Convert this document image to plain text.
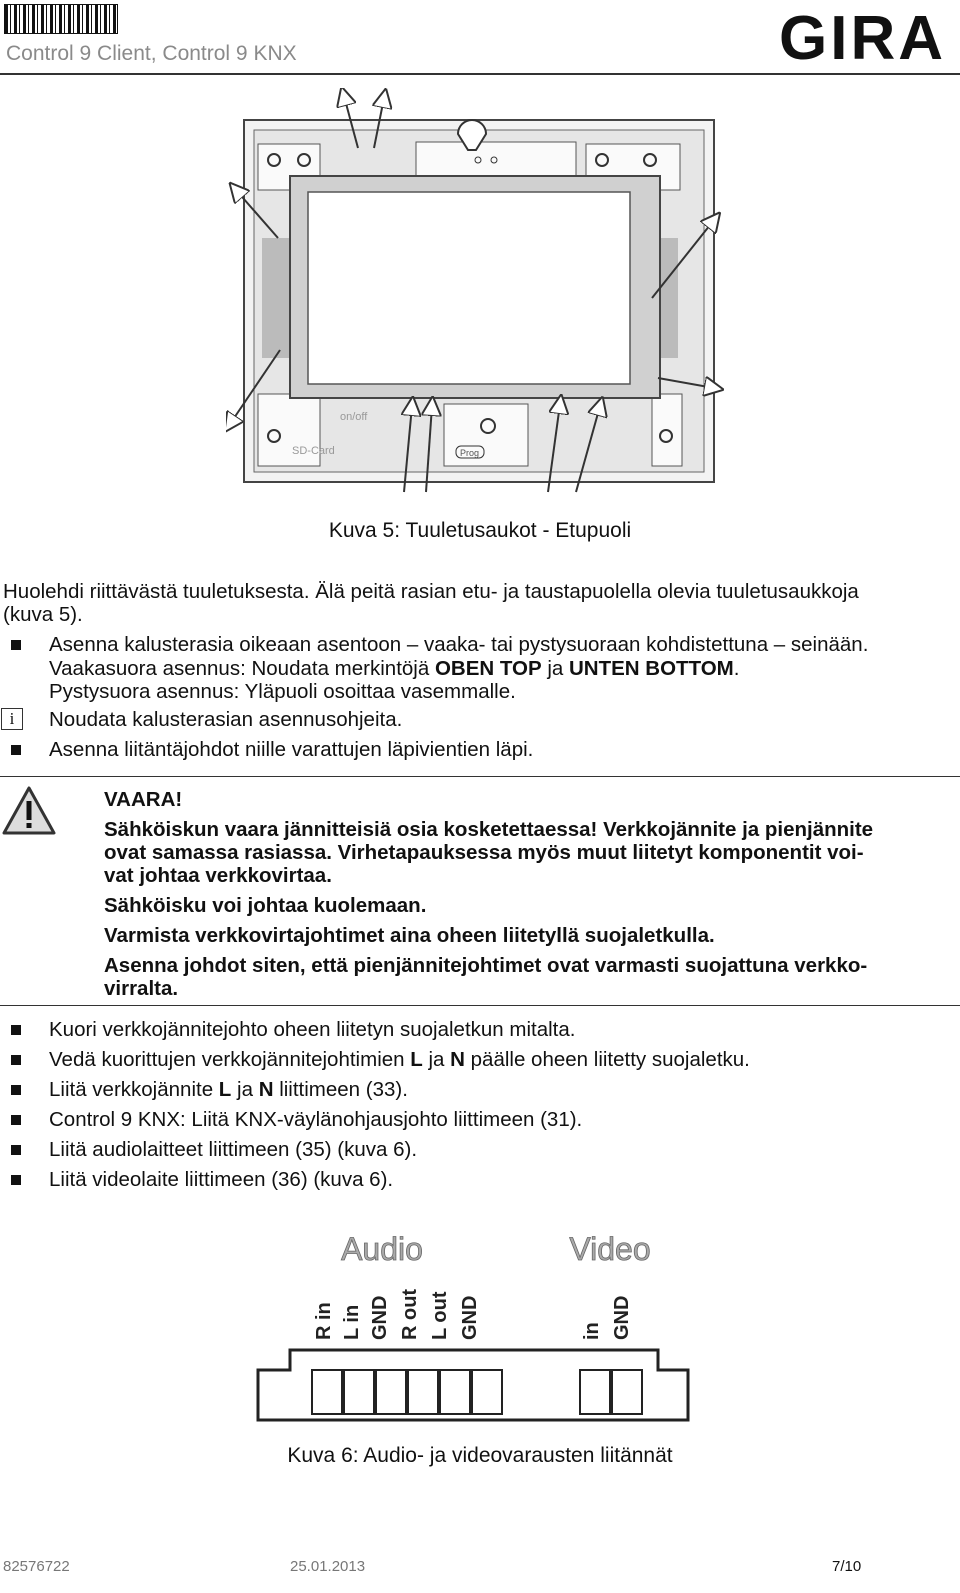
Control 9 Client, Control 9 KNX	GIRA
on/off
SD-Card	Prog
Kuva 5: Tuuletusaukot - Etupuoli
Huolehdi riittävästä tuuletuksesta. Älä peitä rasian etu- ja taustapuolella olevia tuuletusaukkoja
(kuva 5).
Asenna kalusterasia oikeaan asentoon – vaaka- tai pystysuoraan kohdistettuna – seinään.
Vaakasuora asennus: Noudata merkintöjä OBEN TOP ja UNTEN BOTTOM.
Pystysuora asennus: Yläpuoli osoittaa vasemmalle.
i	Noudata kalusterasian asennusohjeita.
Asenna liitäntäjohdot niille varattujen läpivientien läpi.
VAARA!
Sähköiskun vaara jännitteisiä osia kosketettaessa! Verkkojännite ja pienjännite
ovat samassa rasiassa. Virhetapauksessa myös muut liitetyt komponentit voi-
vat johtaa verkkovirtaa.
Sähköisku voi johtaa kuolemaan.
Varmista verkkovirtajohtimet aina oheen liitetyllä suojaletkulla.
Asenna johdot siten, että pienjännitejohtimet ovat varmasti suojattuna verkko-
virralta.
Kuori verkkojännitejohto oheen liitetyn suojaletkun mitalta.
Vedä kuorittujen verkkojännitejohtimien L ja N päälle oheen liitetty suojaletku.
Liitä verkkojännite L ja N liittimeen (33).
Control 9 KNX: Liitä KNX-väylänohjausjohto liittimeen (31).
Liitä audiolaitteet liittimeen (35) (kuva 6).
Liitä videolaite liittimeen (36) (kuva 6).
Audio	Video
R in L in GND R out L out GND	in GND
Kuva 6: Audio- ja videovarausten liitännät
82576722	25.01.2013	7/10
